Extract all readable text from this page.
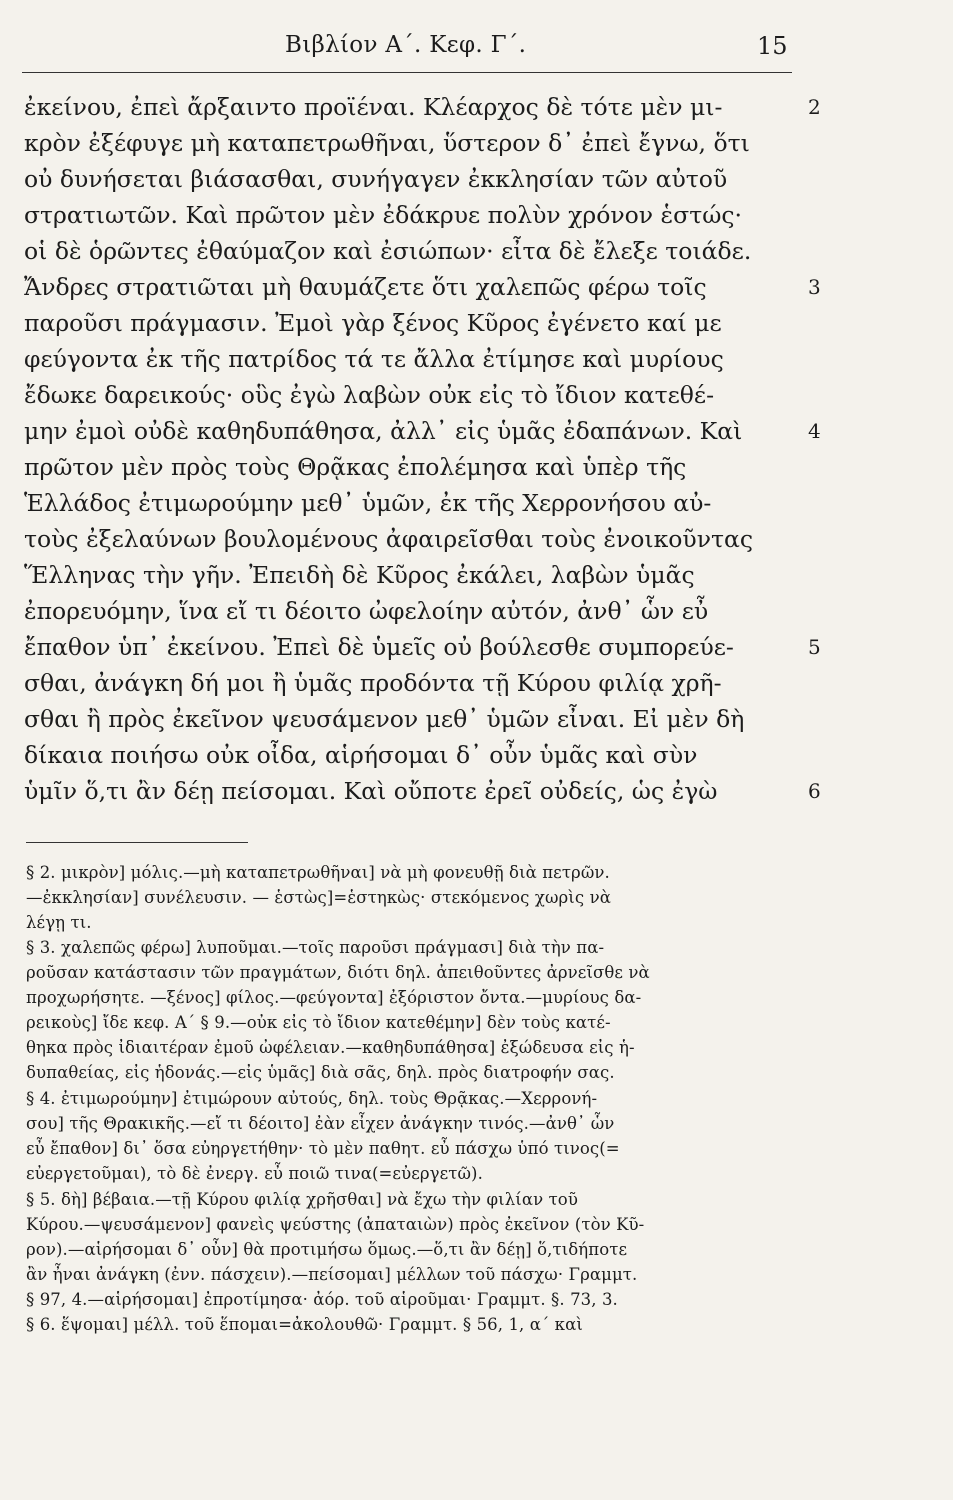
Βιβλίον Α΄. Κεφ. Γ΄.	15
ἐκείνου, ἐπεὶ ἄρξαιντο προϊέναι. Κλέαρχος δὲ τότε μὲν μι-
κρὸν ἐξέφυγε μὴ καταπετρωθῆναι, ὕστερον δ᾿ ἐπεὶ ἔγνω, ὅτι
οὐ δυνήσεται βιάσασθαι, συνήγαγεν ἐκκλησίαν τῶν αὐτοῦ
στρατιωτῶν. Καὶ πρῶτον μὲν ἐδάκρυε πολὺν χρόνον ἑστώς·
οἱ δὲ ὁρῶντες ἐθαύμαζον καὶ ἐσιώπων· εἶτα δὲ ἔλεξε τοιάδε.
Ἄνδρες στρατιῶται μὴ θαυμάζετε ὅτι χαλεπῶς φέρω τοῖς
παροῦσι πράγμασιν. Ἐμοὶ γὰρ ξένος Κῦρος ἐγένετο καί με
φεύγοντα ἐκ τῆς πατρίδος τά τε ἄλλα ἐτίμησε καὶ μυρίους
ἔδωκε δαρεικούς· οὓς ἐγὼ λαβὼν οὐκ εἰς τὸ ἴδιον κατεθέ-
μην ἐμοὶ οὐδὲ καθηδυπάθησα, ἀλλ᾿ εἰς ὑμᾶς ἐδαπάνων. Καὶ
πρῶτον μὲν πρὸς τοὺς Θρᾷκας ἐπολέμησα καὶ ὑπὲρ τῆς
Ἑλλάδος ἐτιμωρούμην μεθ᾿ ὑμῶν, ἐκ τῆς Χερρονήσου αὐ-
τοὺς ἐξελαύνων βουλομένους ἀφαιρεῖσθαι τοὺς ἐνοικοῦντας
Ἕλληνας τὴν γῆν. Ἐπειδὴ δὲ Κῦρος ἐκάλει, λαβὼν ὑμᾶς
ἐπορευόμην, ἵνα εἴ τι δέοιτο ὠφελοίην αὐτόν, ἀνθ᾿ ὧν εὖ
ἔπαθον ὑπ᾿ ἐκείνου. Ἐπεὶ δὲ ὑμεῖς οὐ βούλεσθε συμπορεύε-
σθαι, ἀνάγκη δή μοι ἢ ὑμᾶς προδόντα τῇ Κύρου φιλίᾳ χρῆ-
σθαι ἢ πρὸς ἐκεῖνον ψευσάμενον μεθ᾿ ὑμῶν εἶναι. Εἰ μὲν δὴ
δίκαια ποιήσω οὐκ οἶδα, αἱρήσομαι δ᾿ οὖν ὑμᾶς καὶ σὺν
ὑμῖν ὅ,τι ἂν δέῃ πείσομαι. Καὶ οὔποτε ἐρεῖ οὐδείς, ὡς ἐγὼ
2
3
4
5
6
§ 2. μικρὸν] μόλις.—μὴ καταπετρωθῆναι] νὰ μὴ φονευθῇ διὰ πετρῶν.
—ἐκκλησίαν] συνέλευσιν. — ἑστὼς]=ἑστηκὼς· στεκόμενος χωρὶς νὰ
λέγῃ τι.
§ 3. χαλεπῶς φέρω] λυποῦμαι.—τοῖς παροῦσι πράγμασι] διὰ τὴν πα-
ροῦσαν κατάστασιν τῶν πραγμάτων, διότι δηλ. ἀπειθοῦντες ἀρνεῖσθε νὰ
προχωρήσητε. —ξένος] φίλος.—φεύγοντα] ἐξόριστον ὄντα.—μυρίους δα-
ρεικοὺς] ἴδε κεφ. Α΄ § 9.—οὐκ εἰς τὸ ἴδιον κατεθέμην] δὲν τοὺς κατέ-
θηκα πρὸς ἰδιαιτέραν ἐμοῦ ὠφέλειαν.—καθηδυπάθησα] ἐξώδευσα εἰς ἡ-
δυπαθείας, εἰς ἡδονάς.—εἰς ὑμᾶς] διὰ σᾶς, δηλ. πρὸς διατροφήν σας.
§ 4. ἐτιμωρούμην] ἐτιμώρουν αὐτούς, δηλ. τοὺς Θρᾷκας.—Χερρονή-
σου] τῆς Θρακικῆς.—εἴ τι δέοιτο] ἐὰν εἶχεν ἀνάγκην τινός.—ἀνθ᾿ ὧν
εὖ ἔπαθον] δι᾿ ὅσα εὐηργετήθην· τὸ μὲν παθητ. εὖ πάσχω ὑπό τινος(=
εὐεργετοῦμαι), τὸ δὲ ἐνεργ. εὖ ποιῶ τινα(=εὐεργετῶ).
§ 5. δὴ] βέβαια.—τῇ Κύρου φιλίᾳ χρῆσθαι] νὰ ἔχω τὴν φιλίαν τοῦ
Κύρου.—ψευσάμενον] φανεὶς ψεύστης (ἀπαταιὼν) πρὸς ἐκεῖνον (τὸν Κῦ-
ρον).—αἱρήσομαι δ᾿ οὖν] θὰ προτιμήσω ὅμως.—ὅ,τι ἂν δέῃ] ὅ,τιδήποτε
ἂν ἦναι ἀνάγκη (ἐνν. πάσχειν).—πείσομαι] μέλλων τοῦ πάσχω· Γραμμτ.
§ 97, 4.—αἱρήσομαι] ἐπροτίμησα· ἀόρ. τοῦ αἱροῦμαι· Γραμμτ. §. 73, 3.
§ 6. ἕψομαι] μέλλ. τοῦ ἕπομαι=ἀκολουθῶ· Γραμμτ. § 56, 1, α΄ καὶ
